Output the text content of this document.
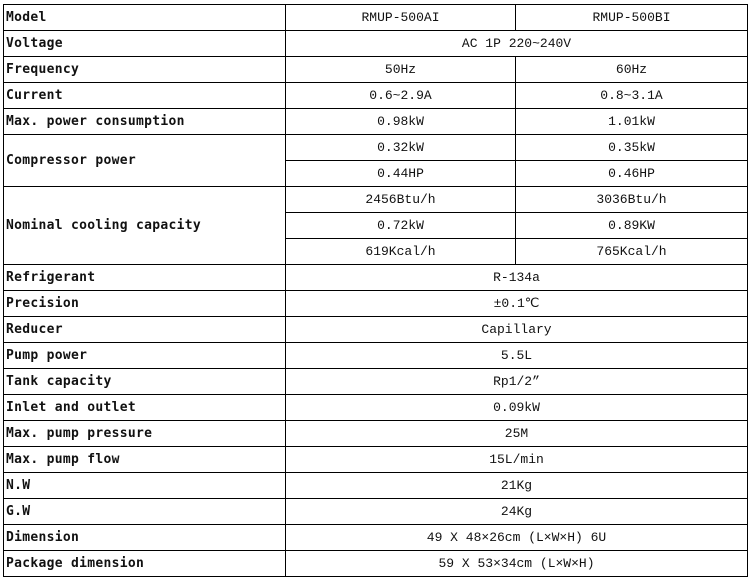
Model	RMUP-500AI	RMUP-500BI
Voltage	AC 1P 220~240V	
Frequency	50Hz	60Hz
Current	0.6~2.9A	0.8~3.1A
Max. power consumption	0.98kW	1.01kW
Compressor power	0.32kW	0.35kW
	0.44HP	0.46HP
Nominal cooling capacity	2456Btu/h	3036Btu/h
	0.72kW	0.89KW
	619Kcal/h	765Kcal/h
Refrigerant	R-134a	
Precision	±0.1℃	
Reducer	Capillary	
Pump power	5.5L	
Tank capacity	Rp1/2”	
Inlet and outlet	0.09kW	
Max. pump pressure	25M	
Max. pump flow	15L/min	
N.W	21Kg	
G.W	24Kg	
Dimension	49 X 48×26cm (L×W×H) 6U	
Package dimension	59 X 53×34cm (L×W×H)	
